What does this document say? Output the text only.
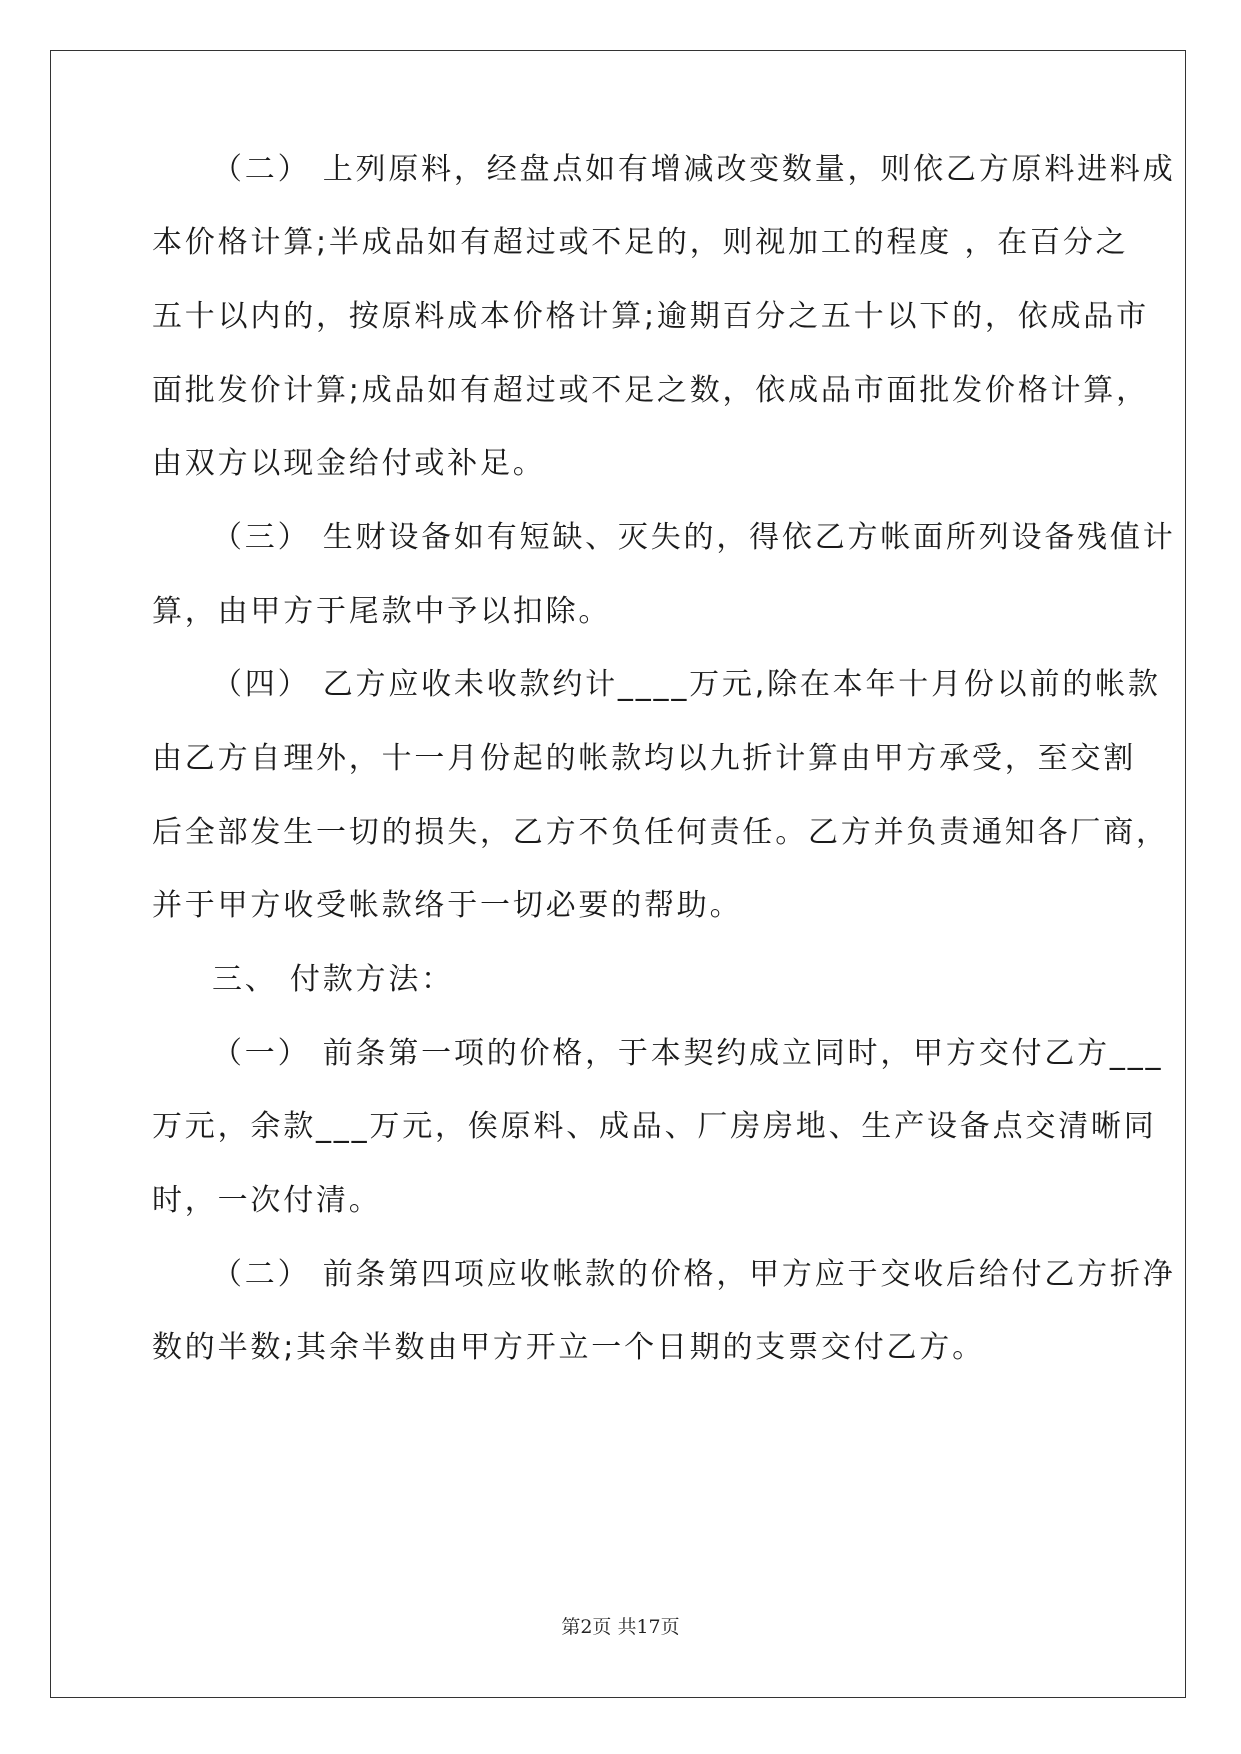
（二） 上列原料，经盘点如有增减改变数量，则依乙方原料进料成
本价格计算;半成品如有超过或不足的，则视加工的程度 ，在百分之
五十以内的，按原料成本价格计算;逾期百分之五十以下的，依成品市
面批发价计算;成品如有超过或不足之数，依成品市面批发价格计算，
由双方以现金给付或补足。
（三） 生财设备如有短缺、灭失的，得依乙方帐面所列设备残值计
算，由甲方于尾款中予以扣除。
（四） 乙方应收未收款约计____万元,除在本年十月份以前的帐款
由乙方自理外，十一月份起的帐款均以九折计算由甲方承受，至交割
后全部发生一切的损失，乙方不负任何责任。乙方并负责通知各厂商，
并于甲方收受帐款络于一切必要的帮助。
三、 付款方法：
（一） 前条第一项的价格，于本契约成立同时，甲方交付乙方___
万元，余款___万元，俟原料、成品、厂房房地、生产设备点交清晰同
时，一次付清。
（二） 前条第四项应收帐款的价格，甲方应于交收后给付乙方折净
数的半数;其余半数由甲方开立一个日期的支票交付乙方。
第2页 共17页
